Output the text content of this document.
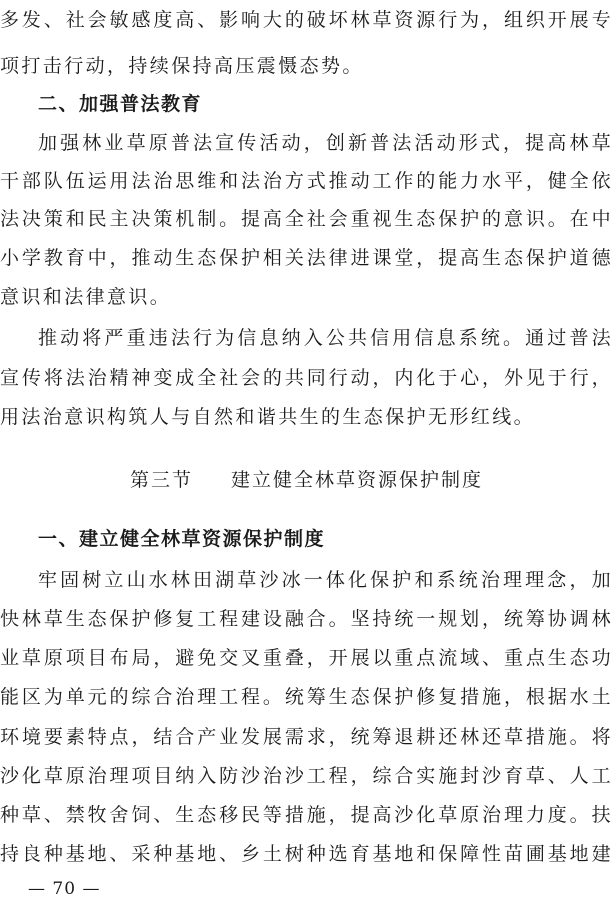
多发、社会敏感度高、影响大的破坏林草资源行为，组织开展专
项打击行动，持续保持高压震慑态势。
二、加强普法教育
加强林业草原普法宣传活动，创新普法活动形式，提高林草
干部队伍运用法治思维和法治方式推动工作的能力水平，健全依
法决策和民主决策机制。提高全社会重视生态保护的意识。在中
小学教育中，推动生态保护相关法律进课堂，提高生态保护道德
意识和法律意识。
推动将严重违法行为信息纳入公共信用信息系统。通过普法
宣传将法治精神变成全社会的共同行动，内化于心，外见于行，
用法治意识构筑人与自然和谐共生的生态保护无形红线。
第三节 建立健全林草资源保护制度
一、建立健全林草资源保护制度
牢固树立山水林田湖草沙冰一体化保护和系统治理理念，加
快林草生态保护修复工程建设融合。坚持统一规划，统筹协调林
业草原项目布局，避免交叉重叠，开展以重点流域、重点生态功
能区为单元的综合治理工程。统筹生态保护修复措施，根据水土
环境要素特点，结合产业发展需求，统筹退耕还林还草措施。将
沙化草原治理项目纳入防沙治沙工程，综合实施封沙育草、人工
种草、禁牧舍饲、生态移民等措施，提高沙化草原治理力度。扶
持良种基地、采种基地、乡土树种选育基地和保障性苗圃基地建
— 70 —
